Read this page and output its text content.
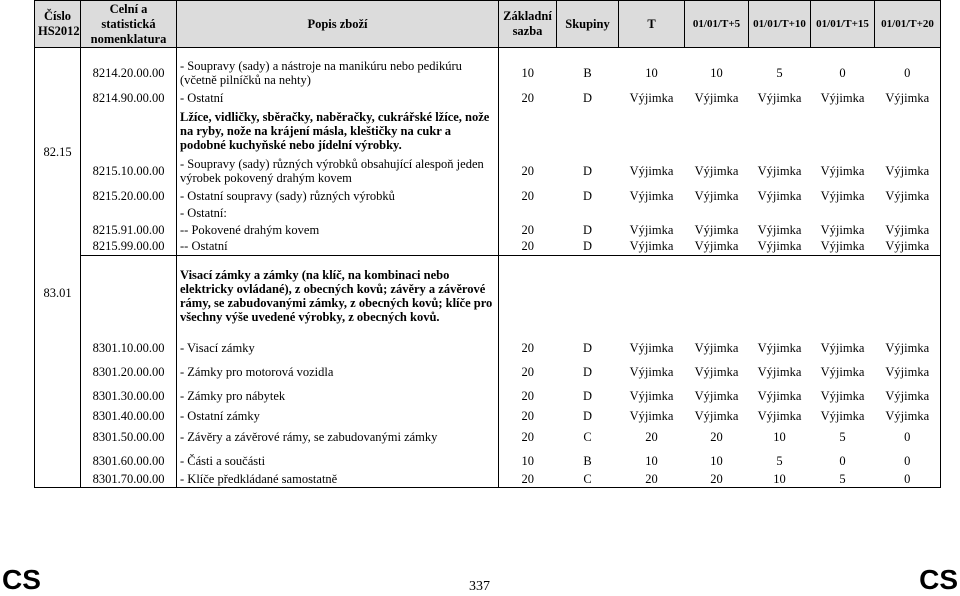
Číslo HS2012	Celní a statistická nomenklatura	Popis zboží	Základní sazba	Skupiny	T	01/01/T+5	01/01/T+10	01/01/T+15	01/01/T+20
82.15									
	8214.20.00.00	- Soupravy (sady) a nástroje na manikúru nebo pedikúru (včetně pilníčků na nehty)	10	B	10	10	5	0	0
	8214.90.00.00	- Ostatní	20	D	Výjimka	Výjimka	Výjimka	Výjimka	Výjimka
		Lžíce, vidličky, sběračky, naběračky, cukrářské lžíce, nože na ryby, nože na krájení másla, kleštičky na cukr a podobné kuchyňské nebo jídelní výrobky.							
	8215.10.00.00	- Soupravy (sady) různých výrobků obsahující alespoň jeden výrobek pokovený drahým kovem	20	D	Výjimka	Výjimka	Výjimka	Výjimka	Výjimka
	8215.20.00.00	- Ostatní soupravy (sady) různých výrobků	20	D	Výjimka	Výjimka	Výjimka	Výjimka	Výjimka
		- Ostatní:							
	8215.91.00.00	-- Pokovené drahým kovem	20	D	Výjimka	Výjimka	Výjimka	Výjimka	Výjimka
	8215.99.00.00	-- Ostatní	20	D	Výjimka	Výjimka	Výjimka	Výjimka	Výjimka
83.01		Visací zámky a zámky (na klíč, na kombinaci nebo elektricky ovládané), z obecných kovů; závěry a závěrové rámy, se zabudovanými zámky, z obecných kovů; klíče pro všechny výše uvedené výrobky, z obecných kovů.							
	8301.10.00.00	- Visací zámky	20	D	Výjimka	Výjimka	Výjimka	Výjimka	Výjimka
	8301.20.00.00	- Zámky pro motorová vozidla	20	D	Výjimka	Výjimka	Výjimka	Výjimka	Výjimka
	8301.30.00.00	- Zámky pro nábytek	20	D	Výjimka	Výjimka	Výjimka	Výjimka	Výjimka
	8301.40.00.00	- Ostatní zámky	20	D	Výjimka	Výjimka	Výjimka	Výjimka	Výjimka
	8301.50.00.00	- Závěry a závěrové rámy, se zabudovanými zámky	20	C	20	20	10	5	0
	8301.60.00.00	- Části a součásti	10	B	10	10	5	0	0
	8301.70.00.00	- Klíče předkládané samostatně	20	C	20	20	10	5	0
CS	337	CS
